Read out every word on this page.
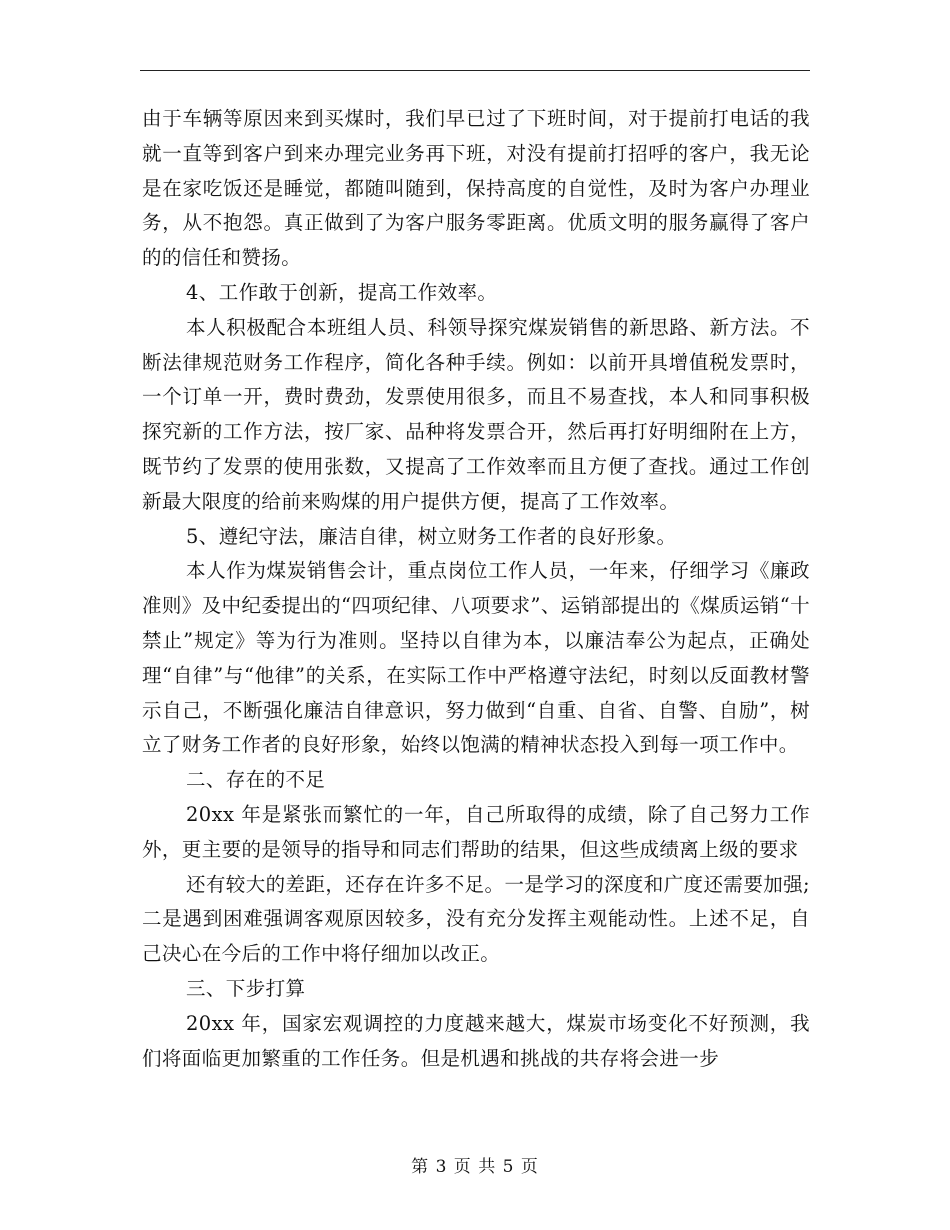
由于车辆等原因来到买煤时，我们早已过了下班时间，对于提前打电话的我就一直等到客户到来办理完业务再下班，对没有提前打招呼的客户，我无论是在家吃饭还是睡觉，都随叫随到，保持高度的自觉性，及时为客户办理业务，从不抱怨。真正做到了为客户服务零距离。优质文明的服务赢得了客户的的信任和赞扬。

4、工作敢于创新，提高工作效率。

本人积极配合本班组人员、科领导探究煤炭销售的新思路、新方法。不断法律规范财务工作程序，简化各种手续。例如：以前开具增值税发票时，一个订单一开，费时费劲，发票使用很多，而且不易查找，本人和同事积极探究新的工作方法，按厂家、品种将发票合开，然后再打好明细附在上方，既节约了发票的使用张数，又提高了工作效率而且方便了查找。通过工作创新最大限度的给前来购煤的用户提供方便，提高了工作效率。

5、遵纪守法，廉洁自律，树立财务工作者的良好形象。

本人作为煤炭销售会计，重点岗位工作人员，一年来，仔细学习《廉政准则》及中纪委提出的“四项纪律、八项要求”、运销部提出的《煤质运销“十禁止”规定》等为行为准则。坚持以自律为本，以廉洁奉公为起点，正确处理“自律”与“他律”的关系，在实际工作中严格遵守法纪，时刻以反面教材警示自己，不断强化廉洁自律意识，努力做到“自重、自省、自警、自励”，树立了财务工作者的良好形象，始终以饱满的精神状态投入到每一项工作中。

二、存在的不足

20xx 年是紧张而繁忙的一年，自己所取得的成绩，除了自己努力工作外，更主要的是领导的指导和同志们帮助的结果，但这些成绩离上级的要求

还有较大的差距，还存在许多不足。一是学习的深度和广度还需要加强;二是遇到困难强调客观原因较多，没有充分发挥主观能动性。上述不足，自己决心在今后的工作中将仔细加以改正。

三、下步打算

20xx 年，国家宏观调控的力度越来越大，煤炭市场变化不好预测，我们将面临更加繁重的工作任务。但是机遇和挑战的共存将会进一步

第 3 页 共 5 页
